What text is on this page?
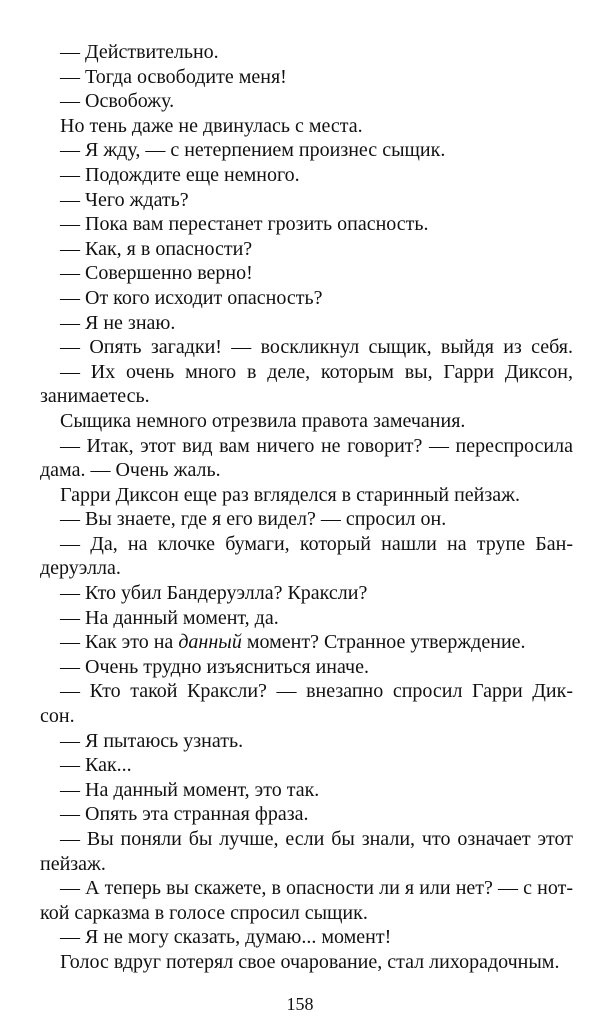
— Действительно.
— Тогда освободите меня!
— Освобожу.
Но тень даже не двинулась с места.
— Я жду, — с нетерпением произнес сыщик.
— Подождите еще немного.
— Чего ждать?
— Пока вам перестанет грозить опасность.
— Как, я в опасности?
— Совершенно верно!
— От кого исходит опасность?
— Я не знаю.
— Опять загадки! — воскликнул сыщик, выйдя из себя.
— Их очень много в деле, которым вы, Гарри Диксон,
занимаетесь.
Сыщика немного отрезвила правота замечания.
— Итак, этот вид вам ничего не говорит? — переспросила
дама. — Очень жаль.
Гарри Диксон еще раз вгляделся в старинный пейзаж.
— Вы знаете, где я его видел? — спросил он.
— Да, на клочке бумаги, который нашли на трупе Бан-
деруэлла.
— Кто убил Бандеруэлла? Краксли?
— На данный момент, да.
— Как это на данный момент? Странное утверждение.
— Очень трудно изъясниться иначе.
— Кто такой Краксли? — внезапно спросил Гарри Дик-
сон.
— Я пытаюсь узнать.
— Как...
— На данный момент, это так.
— Опять эта странная фраза.
— Вы поняли бы лучше, если бы знали, что означает этот
пейзаж.
— А теперь вы скажете, в опасности ли я или нет? — с нот-
кой сарказма в голосе спросил сыщик.
— Я не могу сказать, думаю... момент!
Голос вдруг потерял свое очарование, стал лихорадочным.
158
